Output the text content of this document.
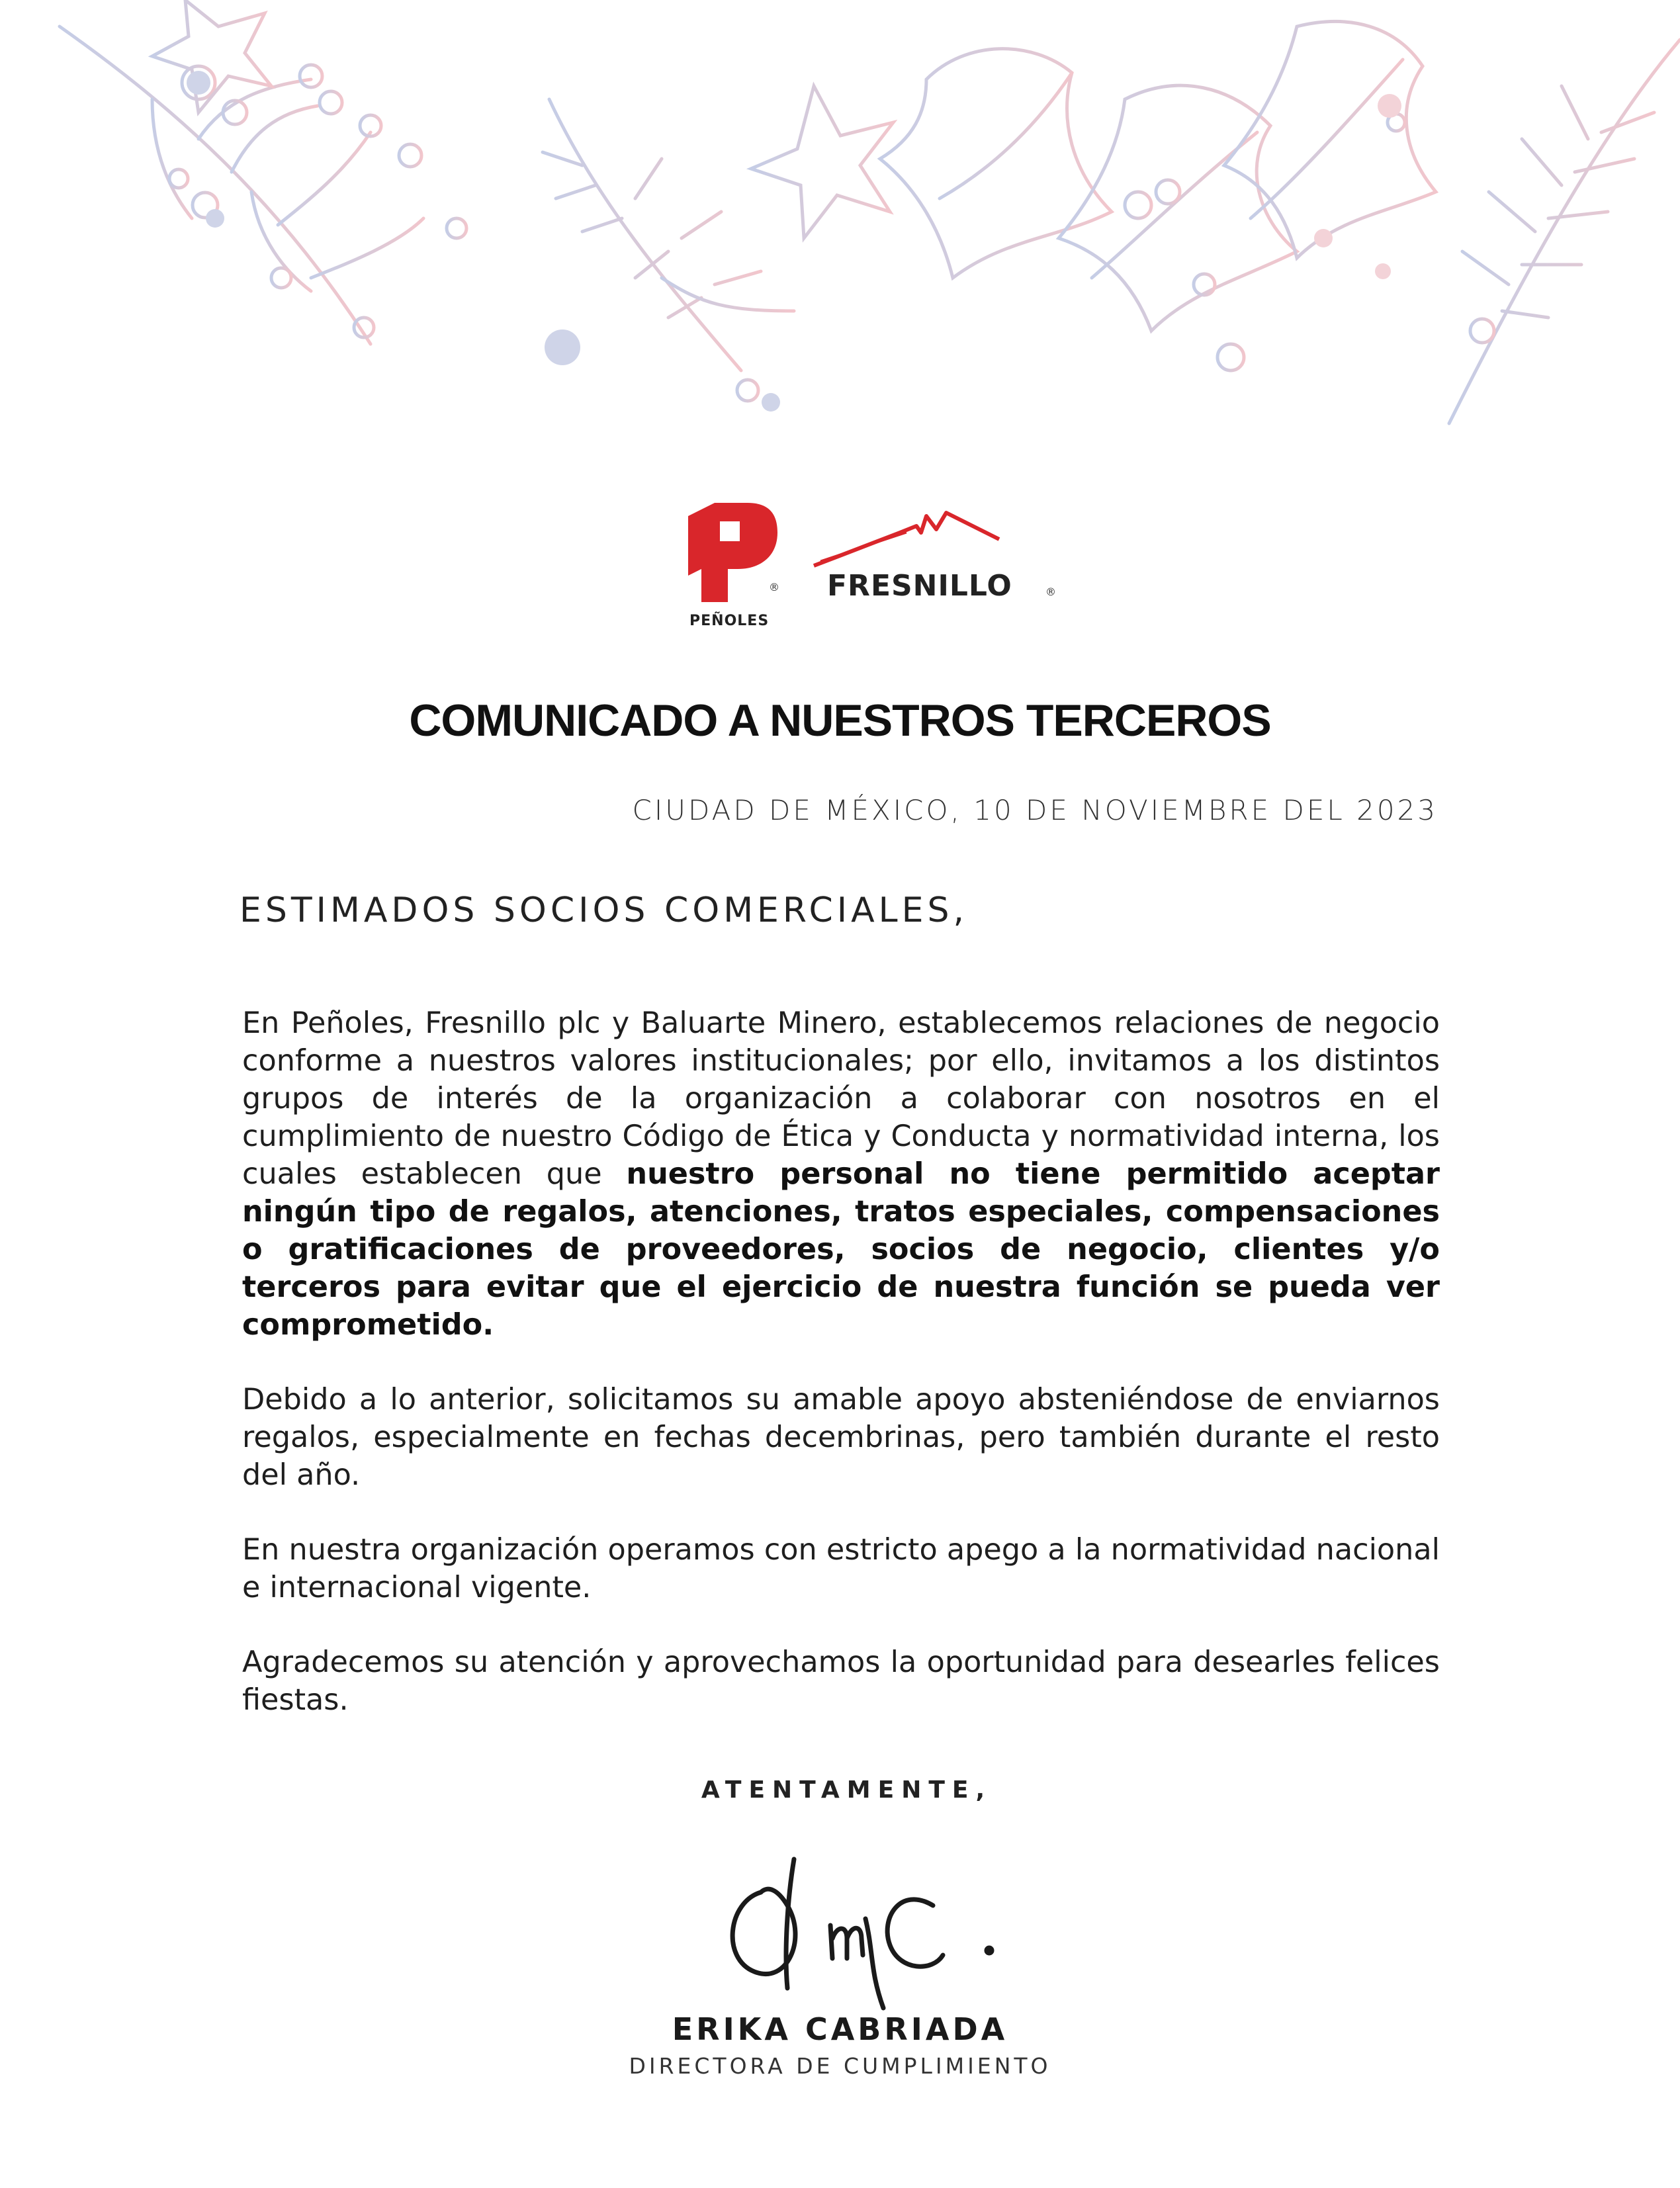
®
PEÑOLES
FRESNILLO	®
COMUNICADO A NUESTROS TERCEROS
CIUDAD DE MÉXICO, 10 DE NOVIEMBRE DEL 2023
ESTIMADOS SOCIOS COMERCIALES,

En Peñoles, Fresnillo plc y Baluarte Minero, establecemos relaciones de negocio conforme a nuestros valores institucionales; por ello, invitamos a los distintos grupos de interés de la organización a colaborar con nosotros en el cumplimiento de nuestro Código de Ética y Conducta y normatividad interna, los cuales establecen que nuestro personal no tiene permitido aceptar ningún tipo de regalos, atenciones, tratos especiales, compensaciones o gratificaciones de proveedores, socios de negocio, clientes y/o terceros para evitar que el ejercicio de nuestra función se pueda ver comprometido.

Debido a lo anterior, solicitamos su amable apoyo absteniéndose de enviarnos regalos, especialmente en fechas decembrinas, pero también durante el resto del año.

En nuestra organización operamos con estricto apego a la normatividad nacional e internacional vigente.

Agradecemos su atención y aprovechamos la oportunidad para desearles felices fiestas.

ATENTAMENTE,
ERIKA CABRIADA
DIRECTORA DE CUMPLIMIENTO
